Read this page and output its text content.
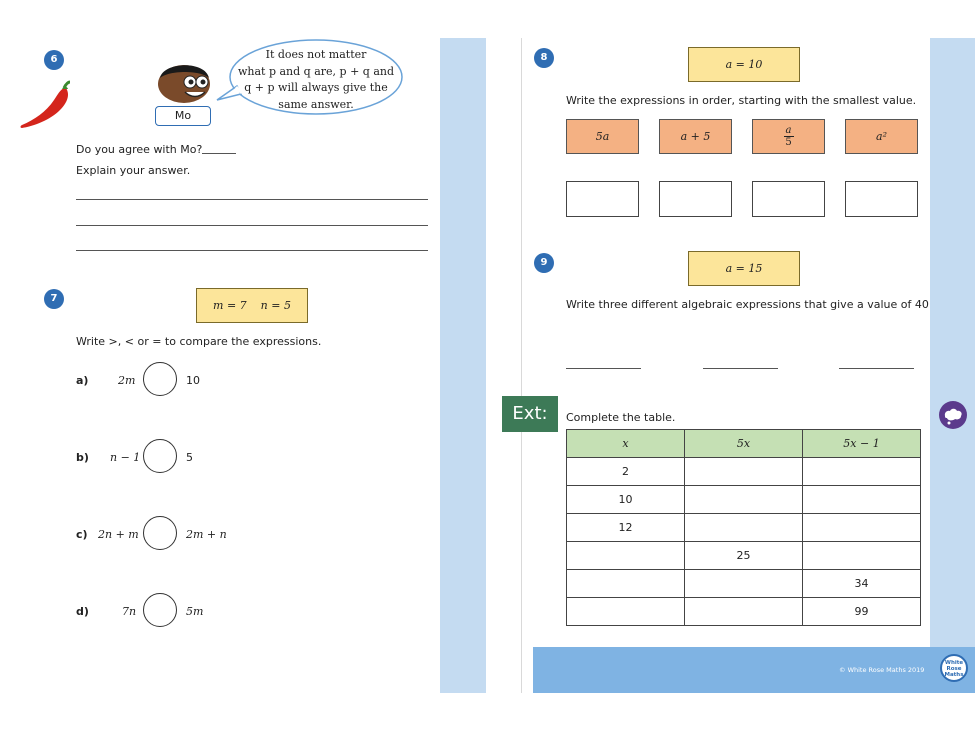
6
Mo
It does not matter
what p and q are, p + q and
q + p will always give the
same answer.
Do you agree with Mo?
Explain your answer.
7
m = 7    n = 5
Write >, < or = to compare the expressions.
a)	2m	10
b) n − 1	5
c) 2n + m	2m + n
d)	7n	5m
8
a = 10
Write the expressions in order, starting with the smallest value.
5a	a + 5	a
5	a²
9	a = 15
Write three different algebraic expressions that give a value of 40
Ext:	Complete the table.
x	5x	5x − 1
2		
10		
12		
	25	
		34
		99
© White Rose Maths 2019
White Rose Maths
